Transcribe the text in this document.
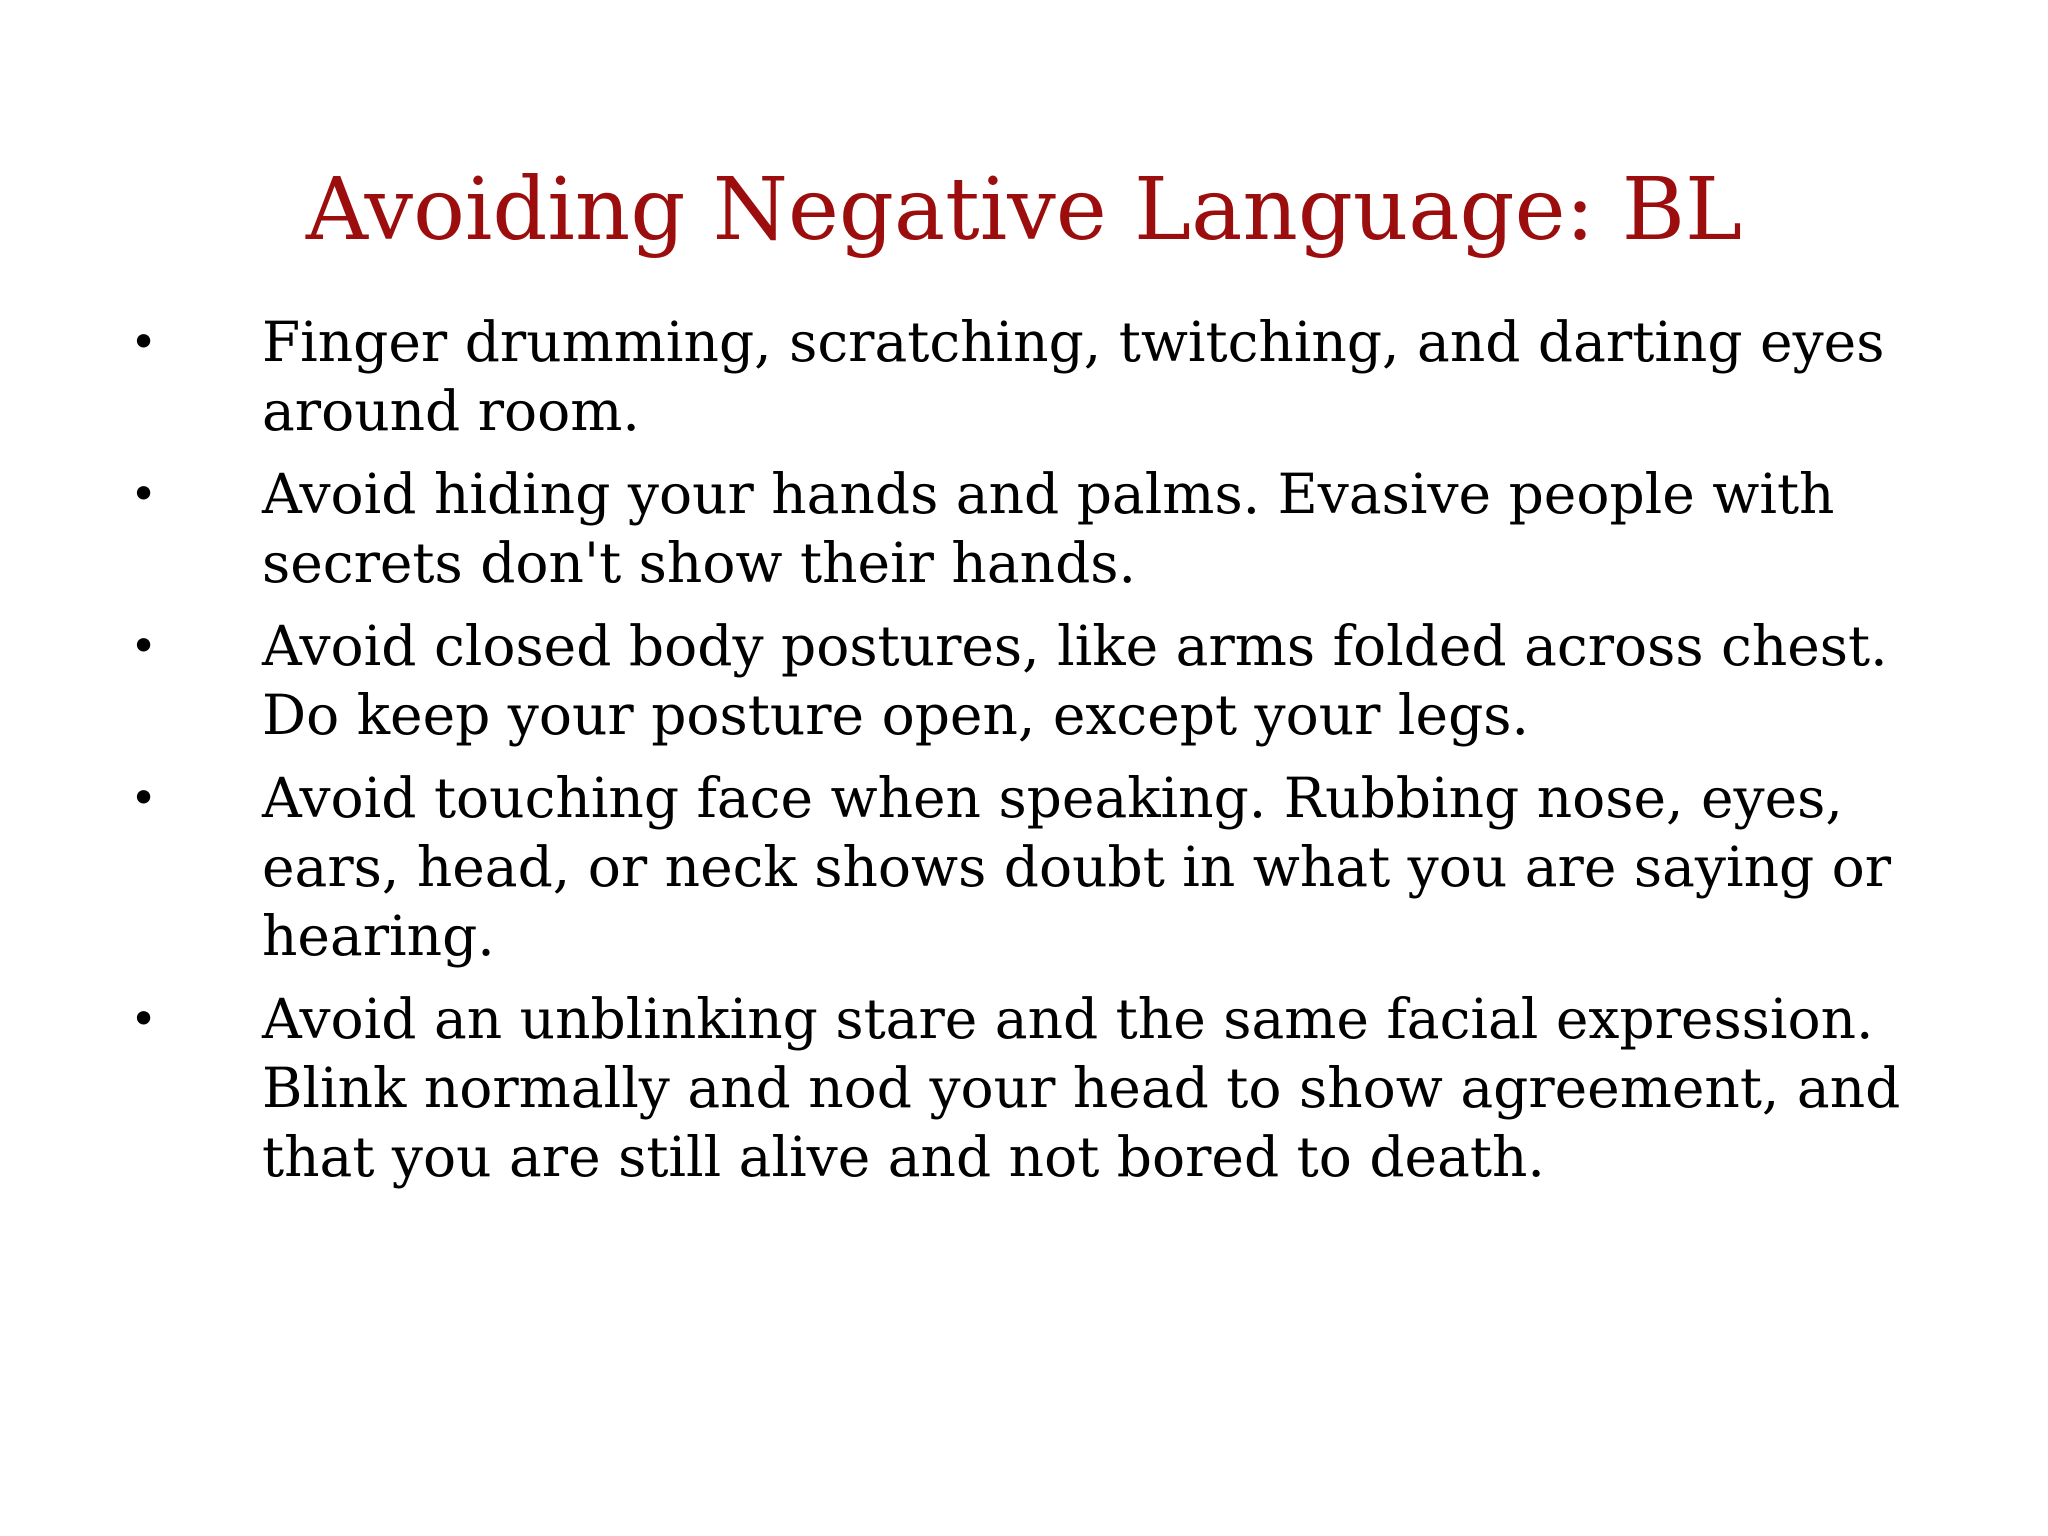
Avoiding Negative Language: BL
• Finger drumming, scratching, twitching, and darting eyes around room.
• Avoid hiding your hands and palms. Evasive people with secrets don't show their hands.
• Avoid closed body postures, like arms folded across chest. Do keep your posture open, except your legs.
• Avoid touching face when speaking. Rubbing nose, eyes, ears, head, or neck shows doubt in what you are saying or hearing.
• Avoid an unblinking stare and the same facial expression. Blink normally and nod your head to show agreement, and that you are still alive and not bored to death.
